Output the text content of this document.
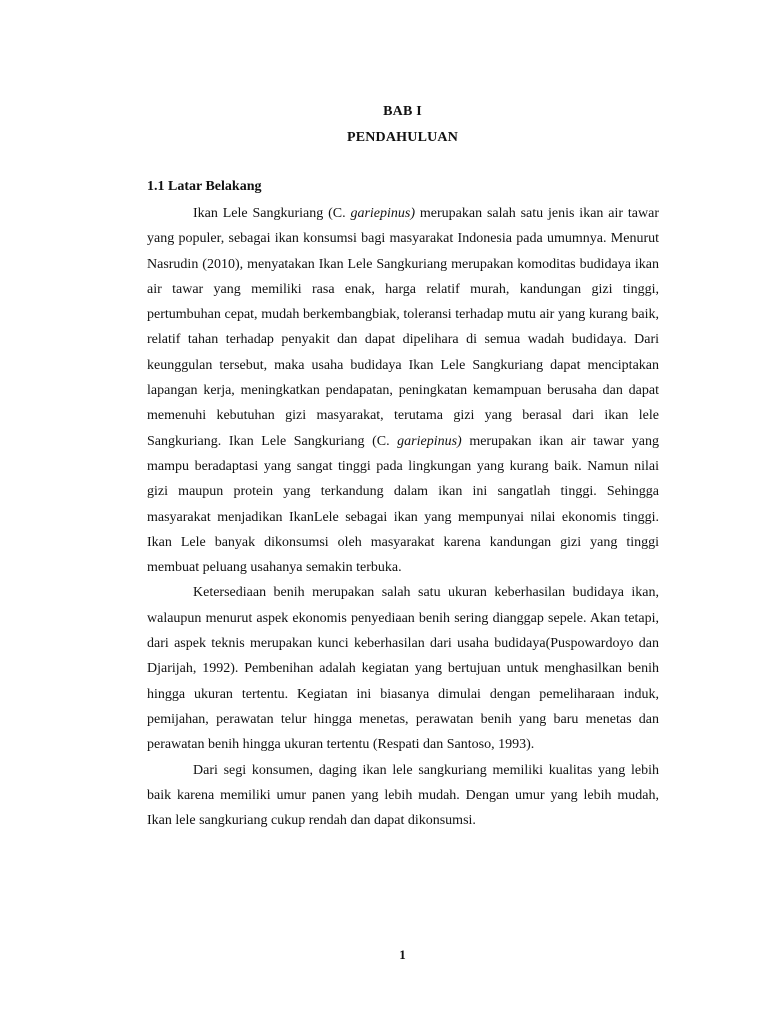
BAB I
PENDAHULUAN
1.1 Latar Belakang

Ikan Lele Sangkuriang (C. gariepinus) merupakan salah satu jenis ikan air tawar yang populer, sebagai ikan konsumsi bagi masyarakat Indonesia pada umumnya. Menurut Nasrudin (2010), menyatakan Ikan Lele Sangkuriang merupakan komoditas budidaya ikan air tawar yang memiliki rasa enak, harga relatif murah, kandungan gizi tinggi, pertumbuhan cepat, mudah berkembangbiak, toleransi terhadap mutu air yang kurang baik, relatif tahan terhadap penyakit dan dapat dipelihara di semua wadah budidaya. Dari keunggulan tersebut, maka usaha budidaya Ikan Lele Sangkuriang dapat menciptakan lapangan kerja, meningkatkan pendapatan, peningkatan kemampuan berusaha dan dapat memenuhi kebutuhan gizi masyarakat, terutama gizi yang berasal dari ikan lele Sangkuriang. Ikan Lele Sangkuriang (C. gariepinus) merupakan ikan air tawar yang mampu beradaptasi yang sangat tinggi pada lingkungan yang kurang baik. Namun nilai gizi maupun protein yang terkandung dalam ikan ini sangatlah tinggi. Sehingga masyarakat menjadikan IkanLele sebagai ikan yang mempunyai nilai ekonomis tinggi. Ikan Lele banyak dikonsumsi oleh masyarakat karena kandungan gizi yang tinggi membuat peluang usahanya semakin terbuka.

Ketersediaan benih merupakan salah satu ukuran keberhasilan budidaya ikan, walaupun menurut aspek ekonomis penyediaan benih sering dianggap sepele. Akan tetapi, dari aspek teknis merupakan kunci keberhasilan dari usaha budidaya(Puspowardoyo dan Djarijah, 1992). Pembenihan adalah kegiatan yang bertujuan untuk menghasilkan benih hingga ukuran tertentu. Kegiatan ini biasanya dimulai dengan pemeliharaan induk, pemijahan, perawatan telur hingga menetas, perawatan benih yang baru menetas dan perawatan benih hingga ukuran tertentu (Respati dan Santoso, 1993).

Dari segi konsumen, daging ikan lele sangkuriang memiliki kualitas yang lebih baik karena memiliki umur panen yang lebih mudah. Dengan umur yang lebih mudah, Ikan lele sangkuriang cukup rendah dan dapat dikonsumsi.

1
